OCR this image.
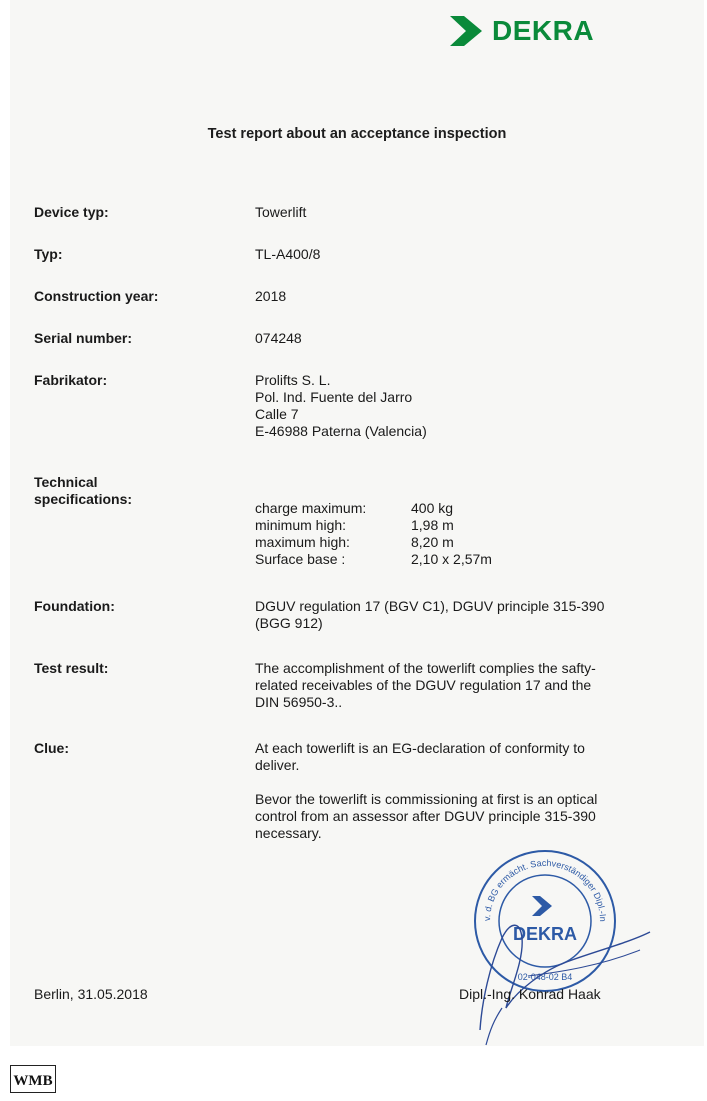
DEKRA
Test report about an acceptance inspection
Device typ:	Towerlift
Typ:	TL-A400/8
Construction year:	2018
Serial number:	074248
Fabrikator:	Prolifts S. L.
Pol. Ind. Fuente del Jarro
Calle 7
E-46988 Paterna (Valencia)
Technical
specifications:
charge maximum:	400 kg
minimum high:	1,98 m
maximum high:	8,20 m
Surface base :	2,10 x 2,57m
Foundation:	DGUV regulation 17 (BGV C1), DGUV principle 315-390
(BGG 912)
Test result:	The accomplishment of the towerlift complies the safty-
related receivables of the DGUV regulation 17 and the
DIN 56950-3..
Clue:	At each towerlift is an EG-declaration of conformity to
deliver.
Bevor the towerlift is commissioning at first is an optical
control from an assessor after DGUV principle 315-390
necessary.
v. d. BG ermächt. Sachverständiger Dipl.-In
DEKRA
02-048-02 B4
Berlin, 31.05.2018	Dipl.-Ing. Konrad Haak
WMB
